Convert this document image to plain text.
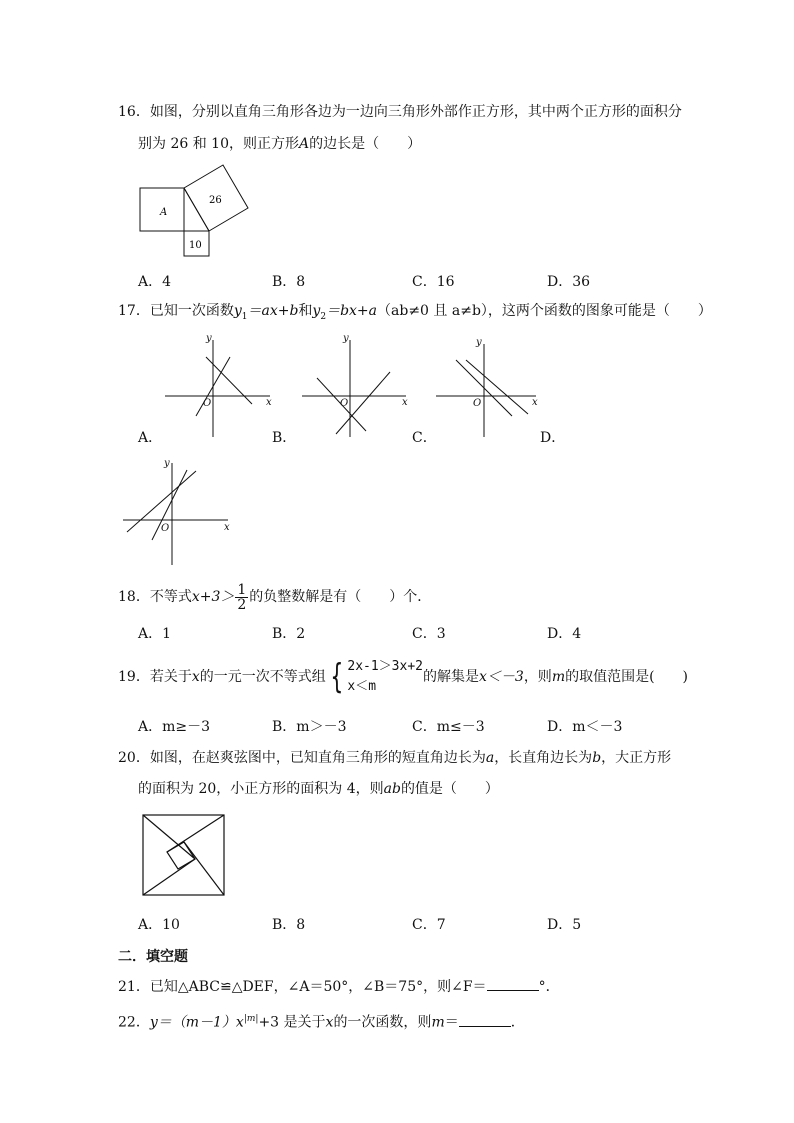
16．如图，分别以直角三角形各边为一边向三角形外部作正方形，其中两个正方形的面积分
别为 26 和 10，则正方形A的边长是（　　）
A
26
10
A．4	B．8	C．16	D．36
17．已知一次函数$y_1=ax+b$和$y_2=bx+a(ab\ne 0$ 且 a≠b），这两个函数的图象可能是（　　）
y
x
O
y
x
O
y
x
O
y
x
O
A．	B．	C．	D．
18． 不等式 $x+3> \frac{1}{2}$ 的负整数解是有（　　）个．
A．1	B．2	C．3	D．4
19． 若关于 x 的一元一次不等式组 { 2x-1＞3x+2
x＜m
的解集是 x＜－3 ，则 m 的取值范围是(　　)
A．m≥－3	B．m＞－3	C．m≤－3	D．m＜－3
20．如图，在赵爽弦图中，已知直角三角形的短直角边长为a，长直角边长为b，大正方形
的面积为 20，小正方形的面积为 4，则ab的值是（　　）
A．10	B．8	C．7	D．5
二．填空题
21．已知△ABC≌△DEF，∠A＝50°，∠B＝75°，则∠F＝	°．
22．$y=(m-1)x^{|m|}+3$ 是关于x的一次函数，则m＝	．
